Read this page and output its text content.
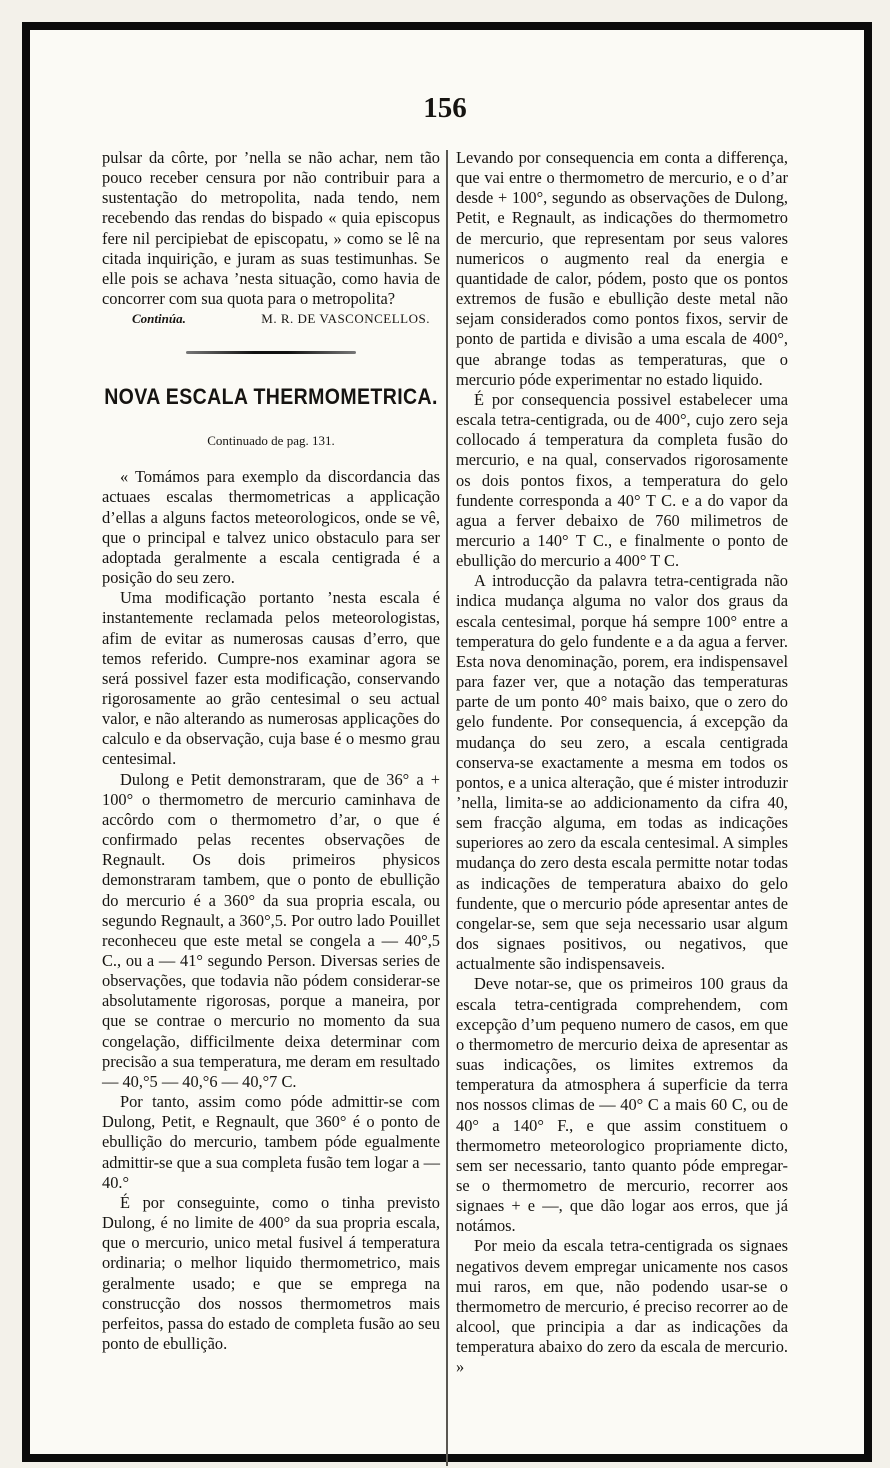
156

pulsar da côrte, por ’nella se não achar, nem tão pouco receber censura por não contribuir para a sustentação do metropolita, nada tendo, nem recebendo das rendas do bispado « quia episcopus fere nil percipiebat de episcopatu, » como se lê na citada inquirição, e juram as suas testimunhas. Se elle pois se achava ’nesta situação, como havia de concorrer com sua quota para o metropolita?

Continúa.	M. R. DE VASCONCELLOS.
NOVA ESCALA THERMOMETRICA.
Continuado de pag. 131.

« Tomámos para exemplo da discordancia das actuaes escalas thermometricas a applicação d’ellas a alguns factos meteorologicos, onde se vê, que o principal e talvez unico obstaculo para ser adoptada geralmente a escala centigrada é a posição do seu zero.

Uma modificação portanto ’nesta escala é instantemente reclamada pelos meteorologistas, afim de evitar as numerosas causas d’erro, que temos referido. Cumpre-nos examinar agora se será possivel fazer esta modificação, conservando rigorosamente ao grão centesimal o seu actual valor, e não alterando as numerosas applicações do calculo e da observação, cuja base é o mesmo grau centesimal.

Dulong e Petit demonstraram, que de 36° a + 100° o thermometro de mercurio caminhava de accôrdo com o thermometro d’ar, o que é confirmado pelas recentes observações de Regnault. Os dois primeiros physicos demonstraram tambem, que o ponto de ebullição do mercurio é a 360° da sua propria escala, ou segundo Regnault, a 360°,5. Por outro lado Pouillet reconheceu que este metal se congela a — 40°,5 C., ou a — 41° segundo Person. Diversas series de observações, que todavia não pódem considerar-se absolutamente rigorosas, porque a maneira, por que se contrae o mercurio no momento da sua congelação, difficilmente deixa determinar com precisão a sua temperatura, me deram em resultado — 40,°5 — 40,°6 — 40,°7 C.

Por tanto, assim como póde admittir-se com Dulong, Petit, e Regnault, que 360° é o ponto de ebullição do mercurio, tambem póde egualmente admittir-se que a sua completa fusão tem logar a — 40.°

É por conseguinte, como o tinha previsto Dulong, é no limite de 400° da sua propria escala, que o mercurio, unico metal fusivel á temperatura ordinaria; o melhor liquido thermometrico, mais geralmente usado; e que se emprega na construcção dos nossos thermometros mais perfeitos, passa do estado de completa fusão ao seu ponto de ebullição.

Levando por consequencia em conta a differença, que vai entre o thermometro de mercurio, e o d’ar desde + 100°, segundo as observações de Dulong, Petit, e Regnault, as indicações do thermometro de mercurio, que representam por seus valores numericos o augmento real da energia e quantidade de calor, pódem, posto que os pontos extremos de fusão e ebullição deste metal não sejam considerados como pontos fixos, servir de ponto de partida e divisão a uma escala de 400°, que abrange todas as temperaturas, que o mercurio póde experimentar no estado liquido.

É por consequencia possivel estabelecer uma escala tetra-centigrada, ou de 400°, cujo zero seja collocado á temperatura da completa fusão do mercurio, e na qual, conservados rigorosamente os dois pontos fixos, a temperatura do gelo fundente corresponda a 40° T C. e a do vapor da agua a ferver debaixo de 760 milimetros de mercurio a 140° T C., e finalmente o ponto de ebullição do mercurio a 400° T C.

A introducção da palavra tetra-centigrada não indica mudança alguma no valor dos graus da escala centesimal, porque há sempre 100° entre a temperatura do gelo fundente e a da agua a ferver. Esta nova denominação, porem, era indispensavel para fazer ver, que a notação das temperaturas parte de um ponto 40° mais baixo, que o zero do gelo fundente. Por consequencia, á excepção da mudança do seu zero, a escala centigrada conserva-se exactamente a mesma em todos os pontos, e a unica alteração, que é mister introduzir ’nella, limita-se ao addicionamento da cifra 40, sem fracção alguma, em todas as indicações superiores ao zero da escala centesimal. A simples mudança do zero desta escala permitte notar todas as indicações de temperatura abaixo do gelo fundente, que o mercurio póde apresentar antes de congelar-se, sem que seja necessario usar algum dos signaes positivos, ou negativos, que actualmente são indispensaveis.

Deve notar-se, que os primeiros 100 graus da escala tetra-centigrada comprehendem, com excepção d’um pequeno numero de casos, em que o thermometro de mercurio deixa de apresentar as suas indicações, os limites extremos da temperatura da atmosphera á superficie da terra nos nossos climas de — 40° C a mais 60 C, ou de 40° a 140° F., e que assim constituem o thermometro meteorologico propriamente dicto, sem ser necessario, tanto quanto póde empregar-se o thermometro de mercurio, recorrer aos signaes + e —, que dão logar aos erros, que já notámos.

Por meio da escala tetra-centigrada os signaes negativos devem empregar unicamente nos casos mui raros, em que, não podendo usar-se o thermometro de mercurio, é preciso recorrer ao de alcool, que principia a dar as indicações da temperatura abaixo do zero da escala de mercurio. »
